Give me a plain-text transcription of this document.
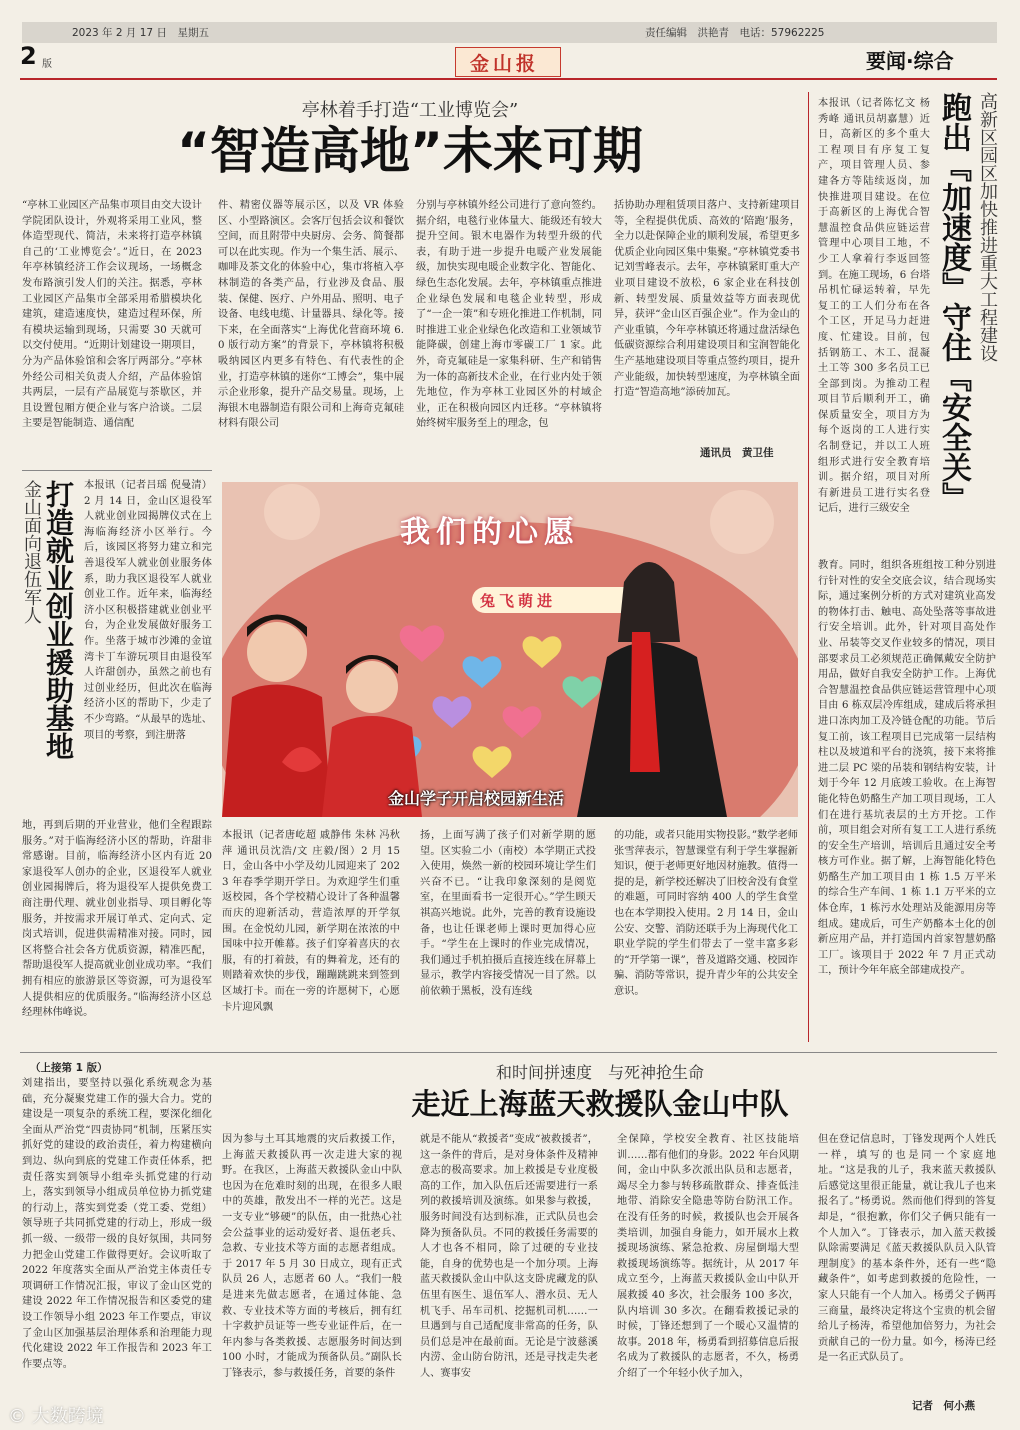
2023 年 2 月 17 日　星期五	责任编辑　洪艳青　电话：57962225
2 版	金山报	要闻·综合
亭林着手打造“工业博览会”
“智造高地”未来可期
“亭林工业园区产品集市项目由交大设计学院团队设计，外观将采用工业风，整体造型现代、简洁，未来将打造亭林镇自己的‘工业博览会’。”近日，在 2023 年亭林镇经济工作会议现场，一场概念发布路演引发人们的关注。据悉，亭林工业园区产品集市全部采用希腊模块化建筑，建造速度快，建造过程环保，所有模块运输到现场，只需要 30 天就可以交付使用。“近期计划建设一期项目，分为产品体验馆和会客厅两部分。”亭林外经公司相关负责人介绍，产品体验馆共两层，一层有产品展览与茶歇区，并且设置包厢方便企业与客户洽谈。二层主要是智能制造、通信配
件、精密仪器等展示区，以及 VR 体验区、小型路演区。会客厅包括会议和餐饮空间，而且附带中央厨房、会务、简餐都可以在此实现。作为一个集生活、展示、咖啡及茶文化的体验中心，集市将植入亭林制造的各类产品，行业涉及食品、服装、保健、医疗、户外用品、照明、电子设备、电线电缆、计量器具、绿化等。接下来，在全面落实“上海优化营商环境 6.0 版行动方案”的背景下，亭林镇将积极吸纳园区内更多有特色、有代表性的企业，打造亭林镇的迷你“工博会”，集中展示企业形象，提升产品交易量。现场，上海银木电器制造有限公司和上海奇克氟硅材料有限公司
分别与亭林镇外经公司进行了意向签约。据介绍，电毯行业体量大、能级还有较大提升空间。银木电器作为转型升级的代表，有助于进一步提升电暖产业发展能级，加快实现电暖企业数字化、智能化、绿色生态化发展。去年，亭林镇重点推进企业绿色发展和电毯企业转型，形成了“一企一策”和专班化推进工作机制，同时推进工业企业绿色化改造和工业领域节能降碳，创建上海市零碳工厂 1 家。此外，奇克氟硅是一家集科研、生产和销售为一体的高新技术企业，在行业内处于领先地位，作为亭林工业园区外的村域企业，正在积极向园区内迁移。“亭林镇将始终树牢服务至上的理念，包
括协助办理租赁项目落户、支持新建项目等，全程提供优质、高效的‘陪跑’服务，全力以赴保障企业的顺利发展，希望更多优质企业向园区集中集聚。”亭林镇党委书记刘雪峰表示。去年，亭林镇紧盯重大产业项目建设不放松，6 家企业在科技创新、转型发展、质量效益等方面表现优异，获评“金山区百强企业”。作为金山的产业重镇，今年亭林镇还将通过盘活绿色低碳资源综合利用建设项目和宝润智能化生产基地建设项目等重点签约项目，提升产业能级，加快转型速度，为亭林镇全面打造“智造高地”添砖加瓦。
通讯员　黄卫佳
高新区园区加快推进重大工程建设
跑出『加速度』守住『安全关』
本报讯（记者陈忆文 杨秀峰 通讯员胡嘉慧）近日，高新区的多个重大工程项目有序复工复产，项目管理人员、参建各方等陆续返岗，加快推进项目建设。在位于高新区的上海优合智慧温控食品供应链运营管理中心项目工地，不少工人拿着行李返回签到。在施工现场，6 台塔吊机忙碌运转着，早先复工的工人们分布在各个工区，开足马力赶进度、忙建设。目前，包括钢筋工、木工、混凝土工等 300 多名员工已全部到岗。为推动工程项目节后顺利开工，确保质量安全，项目方为每个返岗的工人进行实名制登记，并以工人班组形式进行安全教育培训。据介绍，项目对所有新进员工进行实名登记后，进行三级安全
教育。同时，组织各班组按工种分别进行针对性的安全交底会议，结合现场实际，通过案例分析的方式对建筑业高发的物体打击、触电、高处坠落等事故进行安全培训。此外，针对项目高处作业、吊装等交叉作业较多的情况，项目部要求员工必须规范正确佩戴安全防护用品，做好自我安全防护工作。上海优合智慧温控食品供应链运营管理中心项目由 6 栋双层冷库组成，建成后将承担进口冻肉加工及冷链仓配的功能。节后复工前，该工程项目已完成第一层结构柱以及坡道和平台的浇筑，接下来将推进二层 PC 梁的吊装和钢结构安装，计划于今年 12 月底竣工验收。在上海智能化特色奶酪生产加工项目现场，工人们在进行基坑表层的土方开挖。工作前，项目组会对所有复工工人进行系统的安全生产培训，培训后且通过安全考核方可作业。据了解，上海智能化特色奶酪生产加工项目由 1 栋 1.5 万平米的综合生产车间、1 栋 1.1 万平米的立体仓库，1 栋污水处理站及能源用房等组成。建成后，可生产奶酪本土化的创新应用产品，并打造国内首家智慧奶酪工厂。该项目于 2022 年 7 月正式动工，预计今年年底全部建成投产。
金山面向退伍军人 打造就业创业援助基地 本报讯（记者吕瑶 倪曼清）2 月 14 日，金山区退役军人就业创业园揭牌仪式在上海临海经济小区举行。今后，该园区将努力建立和完善退役军人就业创业服务体系，助力我区退役军人就业创业工作。近年来，临海经济小区积极搭建就业创业平台，为企业发展做好服务工作。坐落于城市沙滩的金谊湾卡丁车游玩项目由退役军人许甜创办，虽然之前也有过创业经历，但此次在临海经济小区的帮助下，少走了不少弯路。“从最早的选址、项目的考察，到注册落
地，再到后期的开业营业，他们全程跟踪服务。”对于临海经济小区的帮助，许甜非常感谢。目前，临海经济小区内有近 20 家退役军人创办的企业，区退役军人就业创业园揭牌后，将为退役军人提供免费工商注册代理、就业创业指导、项目孵化等服务，并按需求开展订单式、定向式、定岗式培训，促进供需精准对接。同时，园区将整合社会各方优质资源，精准匹配，帮助退役军人提高就业创业成功率。“我们拥有相应的旅游景区等资源，可为退役军人提供相应的优质服务。”临海经济小区总经理林伟峰说。
我们的心愿
兔飞萌进
金山学子开启校园新生活
本报讯（记者唐屹超 戚静伟 朱林 冯秋萍 通讯员沈浩/文 庄毅/图）2 月 15 日，金山各中小学及幼儿园迎来了 2023 年春季学期开学日。为欢迎学生们重返校园，各个学校精心设计了各种温馨而庆的迎新活动，营造浓厚的开学氛围。在金悦幼儿园，新学期在浓浓的中国味中拉开帷幕。孩子们穿着喜庆的衣服，有的打着鼓，有的舞着龙，还有的则踏着欢快的步伐，蹦蹦跳跳来到签到区域打卡。而在一旁的许愿树下，心愿卡片迎风飘
扬，上面写满了孩子们对新学期的愿望。区实验二小（南校）本学期正式投入使用，焕然一新的校园环境让学生们兴奋不已。“让我印象深刻的是阅览室，在里面看书一定很开心。”学生顾天祺高兴地说。此外，完善的教育设施设备，也让任课老师上课时更加得心应手。“学生在上课时的作业完成情况，我们通过手机拍摄后直接连线在屏幕上显示，教学内容接受情况一目了然。以前依赖于黑板，没有连线
的功能，或者只能用实物投影。”数学老师张雪萍表示，智慧课堂有利于学生掌握新知识，便于老师更好地因材施教。值得一提的是，新学校还解决了旧校舍没有食堂的难题，可同时容纳 400 人的学生食堂也在本学期投入使用。2 月 14 日，金山公安、交警、消防还联手为上海现代化工职业学院的学生们带去了一堂丰富多彩的“开学第一课”，普及道路交通、校园诈骗、消防等常识，提升青少年的公共安全意识。
和时间拼速度　与死神抢生命
走近上海蓝天救援队金山中队
因为参与土耳其地震的灾后救援工作，上海蓝天救援队再一次走进大家的视野。在我区，上海蓝天救援队金山中队也因为在危难时刻的出现，在很多人眼中的英雄，散发出不一样的光芒。这是一支专业“够硬”的队伍，由一批热心社会公益事业的运动爱好者、退伍老兵、急救、专业技术等方面的志愿者组成。于 2017 年 5 月 30 日成立，现有正式队员 26 人，志愿者 60 人。“我们一般是进来先做志愿者，在通过体能、急救、专业技术等方面的考核后，拥有红十字救护员证等一些专业证件后，在一年内参与各类救援、志愿服务时间达到 100 小时，才能成为预备队员。”副队长丁锋表示，参与救援任务，首要的条件
就是不能从“救援者”变成“被救援者”，这一条件的背后，是对身体条件及精神意志的极高要求。加上救援是专业度极高的工作，加入队伍后还需要进行一系列的救援培训及演练。如果参与救援，服务时间没有达到标准，正式队员也会降为预备队员。不同的救援任务需要的人才也各不相同，除了过硬的专业技能，自身的优势也是一个加分项。上海蓝天救援队金山中队这支卧虎藏龙的队伍里有医生、退伍军人、潜水员、无人机飞手、吊车司机、挖掘机司机……一旦遇到与自己适配度非常高的任务，队员们总是冲在最前面。无论是宁波慈溪内涝、金山防台防汛，还是寻找走失老人、赛事安
全保障，学校安全教育、社区技能培训……都有他们的身影。2022 年台风期间，金山中队多次派出队员和志愿者，竭尽全力参与转移疏散群众、排查低洼地带、消除安全隐患等防台防汛工作。在没有任务的时候，救援队也会开展各类培训，加强自身能力，如开展水上救援现场演练、紧急抢救、房屋倒塌大型救援现场演练等。据统计，从 2017 年成立至今，上海蓝天救援队金山中队开展救援 40 多次，社会服务 100 多次，队内培训 30 多次。在翻看救援记录的时候，丁锋还想到了一个暖心又温情的故事。2018 年，杨勇看到招募信息后报名成为了救援队的志愿者，不久，杨勇介绍了一个年轻小伙子加入，
但在登记信息时，丁锋发现两个人姓氏一样，填写的也是同一个家庭地址。“这是我的儿子，我来蓝天救援队后感觉这里很正能量，就让我儿子也来报名了。”杨勇说。然而他们得到的答复却是，“很抱歉，你们父子俩只能有一个人加入”。丁锋表示，加入蓝天救援队除需要满足《蓝天救援队队员入队管理制度》的基本条件外，还有一些“隐藏条件”，如考虑到救援的危险性，一家人只能有一个人加入。杨勇父子俩再三商量，最终决定将这个宝贵的机会留给儿子杨涛，希望他加倍努力，为社会贡献自己的一份力量。如今，杨涛已经是一名正式队员了。
记者　何小燕
（上接第 1 版）
刘建指出，要坚持以强化系统观念为基础，充分凝聚党建工作的强大合力。党的建设是一项复杂的系统工程，要深化细化全面从严治党“四责协同”机制，压紧压实抓好党的建设的政治责任，着力构建横向到边、纵向到底的党建工作责任体系，把责任落实到领导小组牵头抓党建的行动上，落实到领导小组成员单位协力抓党建的行动上，落实到党委（党工委、党组）领导班子共同抓党建的行动上，形成一级抓一级、一级带一级的良好氛围，共同努力把金山党建工作做得更好。会议听取了 2022 年度落实全面从严治党主体责任专项调研工作情况汇报，审议了金山区党的建设 2022 年工作情况报告和区委党的建设工作领导小组 2023 年工作要点，审议了金山区加强基层治理体系和治理能力现代化建设 2022 年工作报告和 2023 年工作要点等。
© 大数跨境
